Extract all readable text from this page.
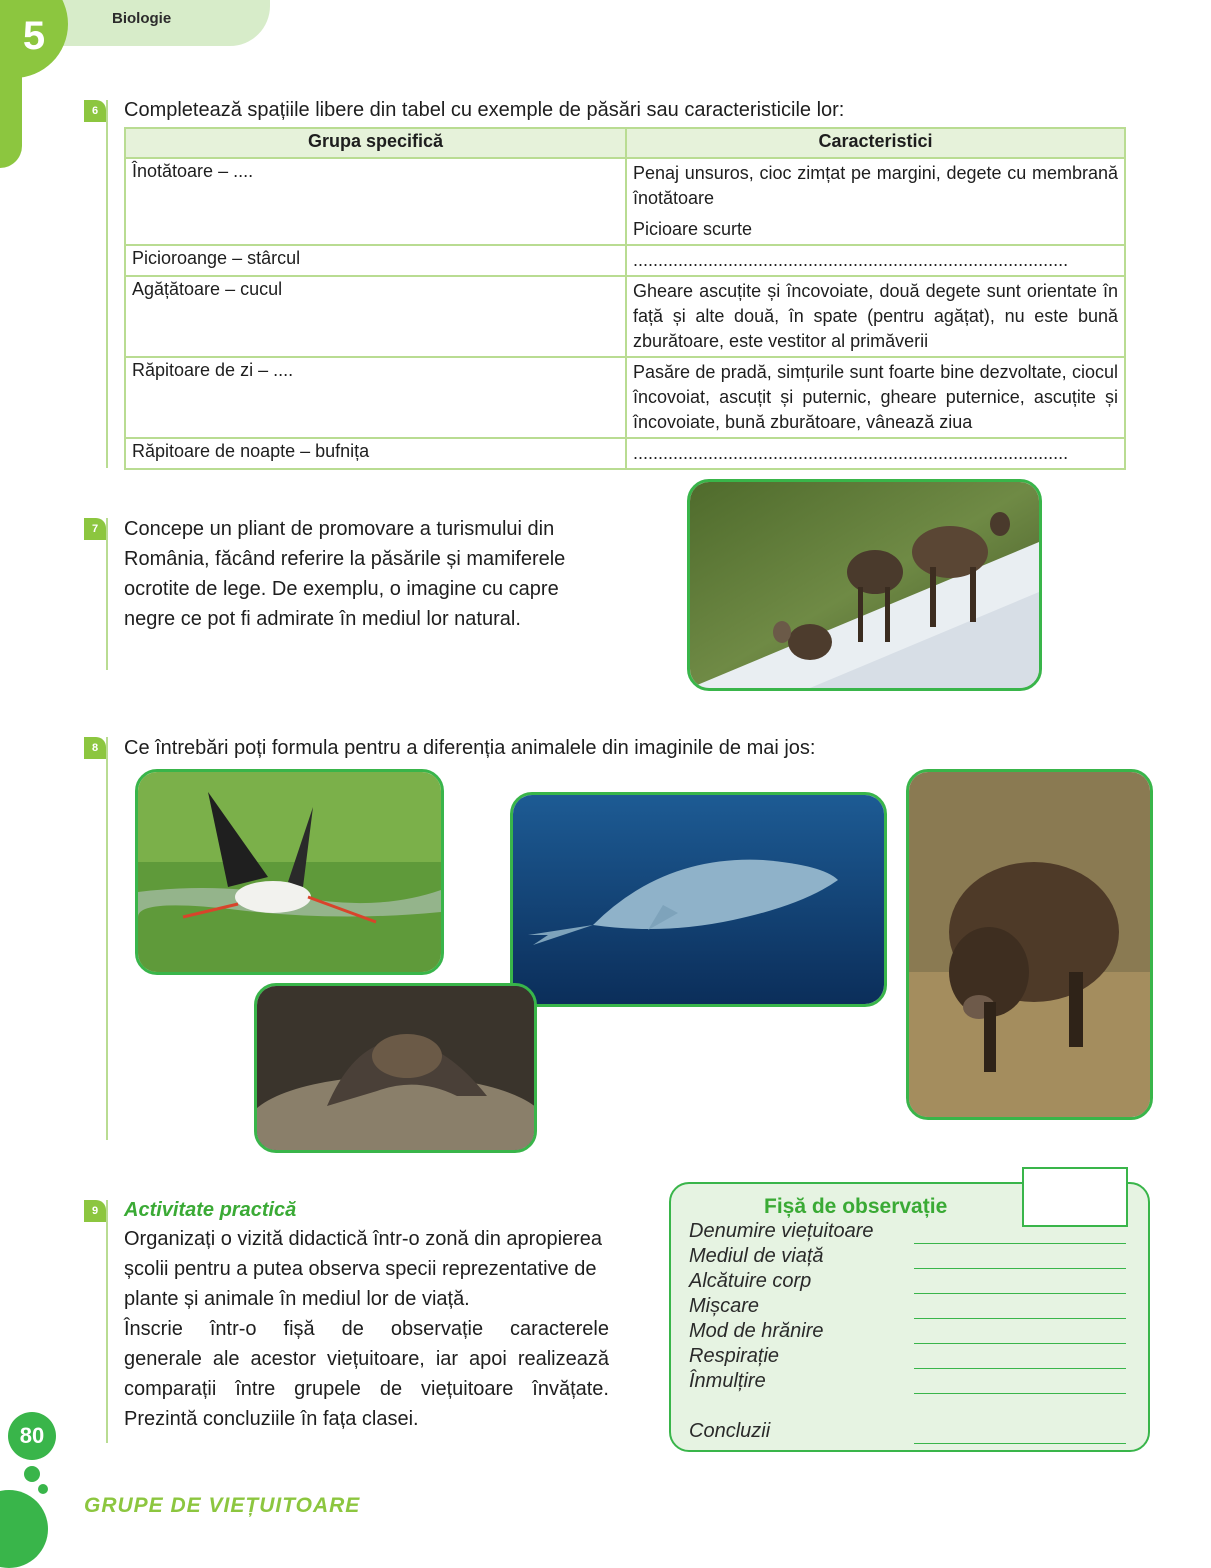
5	Biologie
6	Completează spațiile libere din tabel cu exemple de păsări sau caracteristicile lor:
Grupa specifică	Caracteristici
Înotătoare – ....	Penaj unsuros, cioc zimțat pe margini, degete cu membrană înotătoare
Picioare scurte

Picioroange – stârcul	.......................................................................................
Agățătoare – cucul	Gheare ascuțite și încovoiate, două degete sunt orientate în față și alte două, în spate (pentru agățat), nu este bună zburătoare, este vestitor al primăverii
Răpitoare de zi – ....	Pasăre de pradă, simțurile sunt foarte bine dezvoltate, ciocul încovoiat, ascuțit și puternic, gheare puternice, ascuțite și încovoiate, bună zburătoare, vânează ziua
Răpitoare de noapte – bufnița	.......................................................................................
7	Concepe un pliant de promovare a turismului din
România, făcând referire la păsările și mamiferele
ocrotite de lege. De exemplu, o imagine cu capre
negre ce pot fi admirate în mediul lor natural.
8	Ce întrebări poți formula pentru a diferenția animalele din imaginile de mai jos:
9	Activitate practică
Organizați o vizită didactică într-o zonă din apropierea
școlii pentru a putea observa specii reprezentative de
plante și animale în mediul lor de viață.
Înscrie într-o fișă de observație caracterele
generale ale acestor viețuitoare, iar apoi realizează
comparații între grupele de viețuitoare învățate.
Prezintă concluziile în fața clasei.
Fișă de observație
Denumire viețuitoare
Mediul de viață
Alcătuire corp
Mișcare
Mod de hrănire
Respirație
Înmulțire
Concluzii
80
GRUPE DE VIEȚUITOARE
